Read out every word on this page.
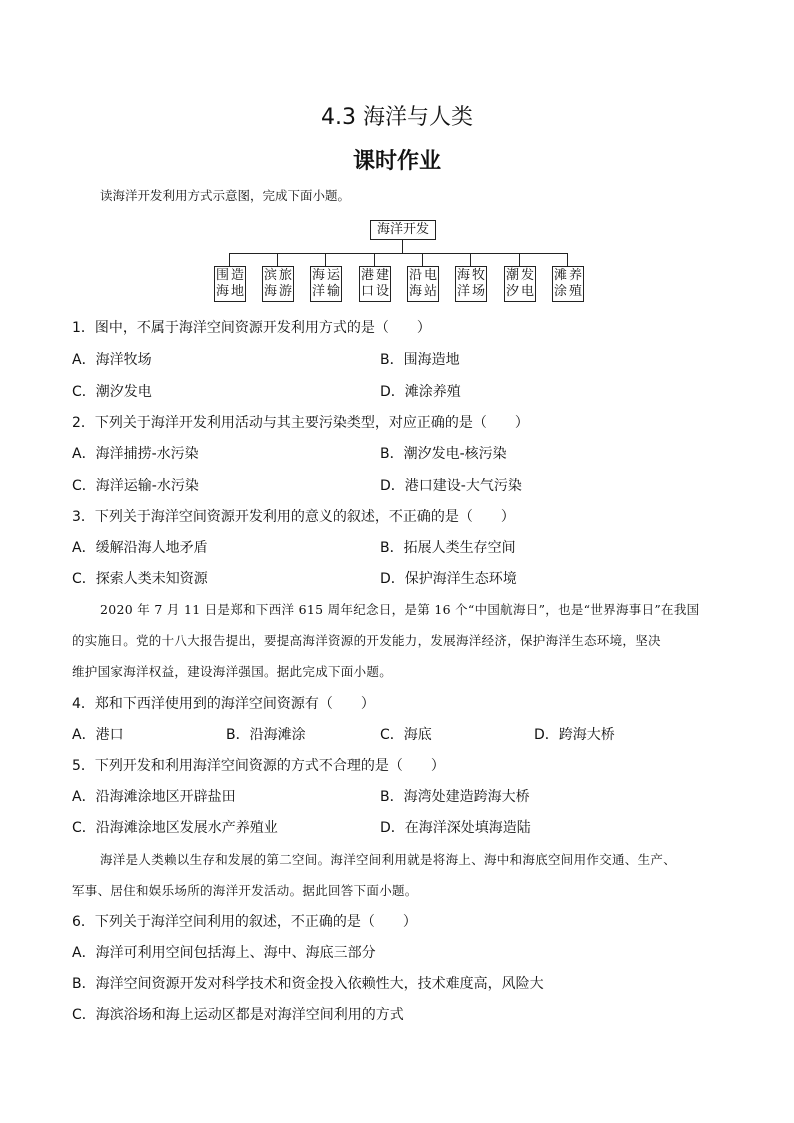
4.3 海洋与人类
课时作业
读海洋开发利用方式示意图，完成下面小题。
海洋开发
围海

造地
滨海

旅游
海洋

运输
港口

建设
沿海

电站
海洋

牧场
潮汐

发电
滩涂

养殖
1．图中，不属于海洋空间资源开发利用方式的是（　　）
A．海洋牧场	B．围海造地
C．潮汐发电	D．滩涂养殖
2．下列关于海洋开发利用活动与其主要污染类型，对应正确的是（　　）
A．海洋捕捞-水污染	B．潮汐发电-核污染
C．海洋运输-水污染	D．港口建设-大气污染
3．下列关于海洋空间资源开发利用的意义的叙述，不正确的是（　　）
A．缓解沿海人地矛盾	B．拓展人类生存空间
C．探索人类未知资源	D．保护海洋生态环境
2020 年 7 月 11 日是郑和下西洋 615 周年纪念日，是第 16 个“中国航海日”，也是“世界海事日”在我国
的实施日。党的十八大报告提出，要提高海洋资源的开发能力，发展海洋经济，保护海洋生态环境，坚决
维护国家海洋权益，建设海洋强国。据此完成下面小题。
4．郑和下西洋使用到的海洋空间资源有（　　）
A．港口	B．沿海滩涂	C．海底	D．跨海大桥
5．下列开发和利用海洋空间资源的方式不合理的是（　　）
A．沿海滩涂地区开辟盐田	B．海湾处建造跨海大桥
C．沿海滩涂地区发展水产养殖业	D．在海洋深处填海造陆
海洋是人类赖以生存和发展的第二空间。海洋空间利用就是将海上、海中和海底空间用作交通、生产、
军事、居住和娱乐场所的海洋开发活动。据此回答下面小题。
6．下列关于海洋空间利用的叙述，不正确的是（　　）
A．海洋可利用空间包括海上、海中、海底三部分
B．海洋空间资源开发对科学技术和资金投入依赖性大，技术难度高，风险大
C．海滨浴场和海上运动区都是对海洋空间利用的方式
